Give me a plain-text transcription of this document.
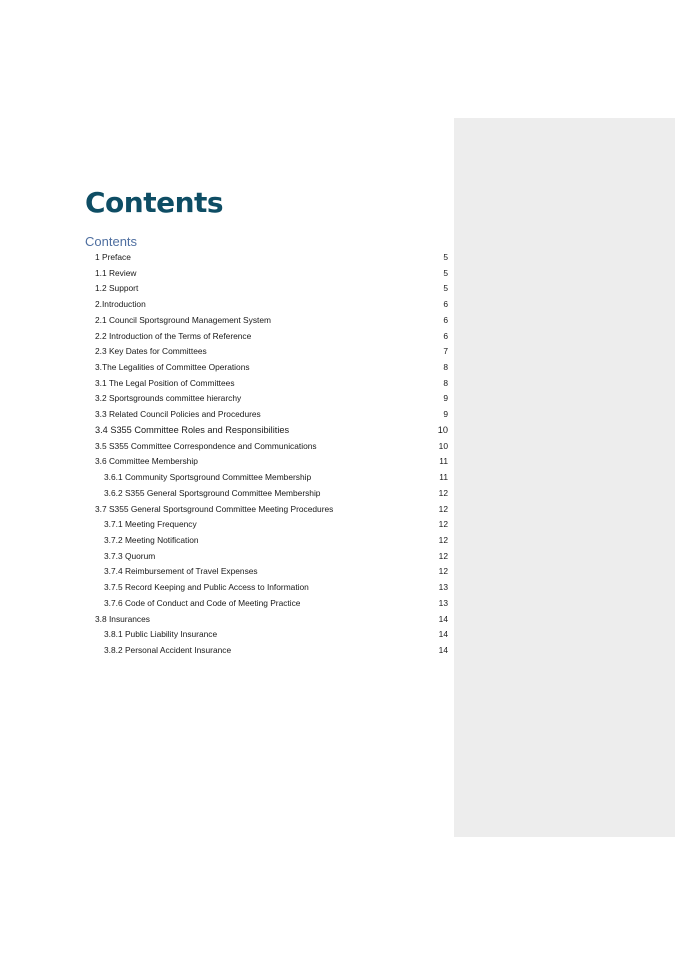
Contents
Contents
1 Preface	5
1.1 Review	5
1.2 Support	5
2.Introduction	6
2.1 Council Sportsground Management System	6
2.2 Introduction of the Terms of Reference	6
2.3 Key Dates for Committees	7
3.The Legalities of Committee Operations	8
3.1 The Legal Position of Committees	8
3.2 Sportsgrounds committee hierarchy	9
3.3 Related Council Policies and Procedures	9
3.4 S355 Committee Roles and Responsibilities	10
3.5 S355 Committee Correspondence and Communications	10
3.6 Committee Membership	11
3.6.1 Community Sportsground Committee Membership	11
3.6.2 S355 General Sportsground Committee Membership	12
3.7 S355 General Sportsground Committee Meeting Procedures	12
3.7.1 Meeting Frequency	12
3.7.2 Meeting Notification	12
3.7.3 Quorum	12
3.7.4 Reimbursement of Travel Expenses	12
3.7.5 Record Keeping and Public Access to Information	13
3.7.6 Code of Conduct and Code of Meeting Practice	13
3.8 Insurances	14
3.8.1 Public Liability Insurance	14
3.8.2 Personal Accident Insurance	14
